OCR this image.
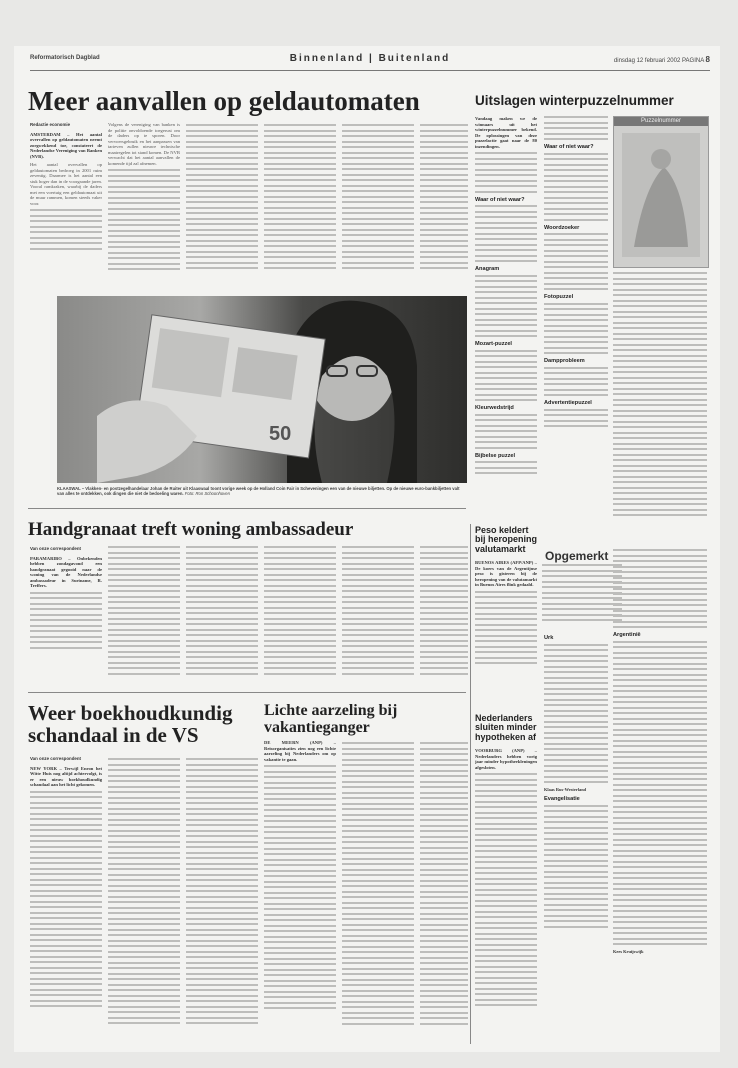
Reformatorisch Dagblad	Binnenland | Buitenland	dinsdag 12 februari 2002 PAGINA 8
Meer aanvallen op geldautomaten
Redactie economie

AMSTERDAM – Het aantal overvallen op geldautomaten neemt zorgwekkend toe, constateert de Nederlandse Vereniging van Banken (NVB).

Het aantal overvallen op geldautomaten bedroeg in 2001 ruim zeventig. Daarmee is het aantal een stuk hoger dan in de voorgaande jaren. Vooral ramkraken, waarbij de daders met een voertuig een geldautomaat uit de muur rammen, komen steeds vaker voor.

Volgens de vereniging van banken is de politie onvoldoende toegerust om de daders op te sporen. Door vervoersgebruik en het aanpassen van tarieven zullen nieuwe technische maatregelen tot stand komen. De NVB verwacht dat het aantal aanvallen de komende tijd zal afnemen.

50
KLAASWAL – Vlakken- en postzegelhandelaar Johan de Ruiter uit Klaaswaal toont vorige week op de Holland Coin Fair in Scheveningen een van de nieuwe biljetten. Op de nieuwe euro-bankbiljetten valt van alles te ontdekken, ook dingen die niet de bedoeling waren. Foto: Ron Schoonhoven
Uitslagen winterpuzzelnummer

Vandaag maken we de winnaars uit het winterpuzzelnummer bekend. De oplossingen van deze puzzelactie gaat naar de 80 inzendingen.

Waar of niet waar?
Anagram
Mozart-puzzel
Kleurwedstrijd
Bijbelse puzzel
Waar of niet waar?
Woordzoeker
Fotopuzzel
Dampprobleem
Advertentiepuzzel
Puzzelnummer
Handgranaat treft woning ambassadeur
Van onze correspondent

PARAMARIBO – Onbekenden hebben zondagavond een handgranaat gegooid naar de woning van de Nederlandse ambassadeur in Suriname, R. Treffers.

Weer boekhoudkundig schandaal in de VS
Van onze correspondent

NEW YORK – Terwijl Enron het Witte Huis nog altijd achtervolgt, is er een nieuw boekhoudkundig schandaal aan het licht gekomen.

Lichte aarzeling bij vakantieganger

DE MEERN (ANP) – Reisorganisaties zien nog een lichte aarzeling bij Nederlanders om op vakantie te gaan.

Peso keldert bij heropening valutamarkt

BUENOS AIRES (AFP/ANP) – De koers van de Argentijnse peso is gisteren bij de heropening van de valutamarkt in Buenos Aires flink gedaald.

Nederlanders sluiten minder hypotheken af

VOORBURG (ANP) – Nederlanders hebben vorig jaar minder hypotheekleningen afgesloten.

Opgemerkt
Urk
Klaas Rus-Westerland
Evangelisatie
Argentinië
Kees Kruijswijk
